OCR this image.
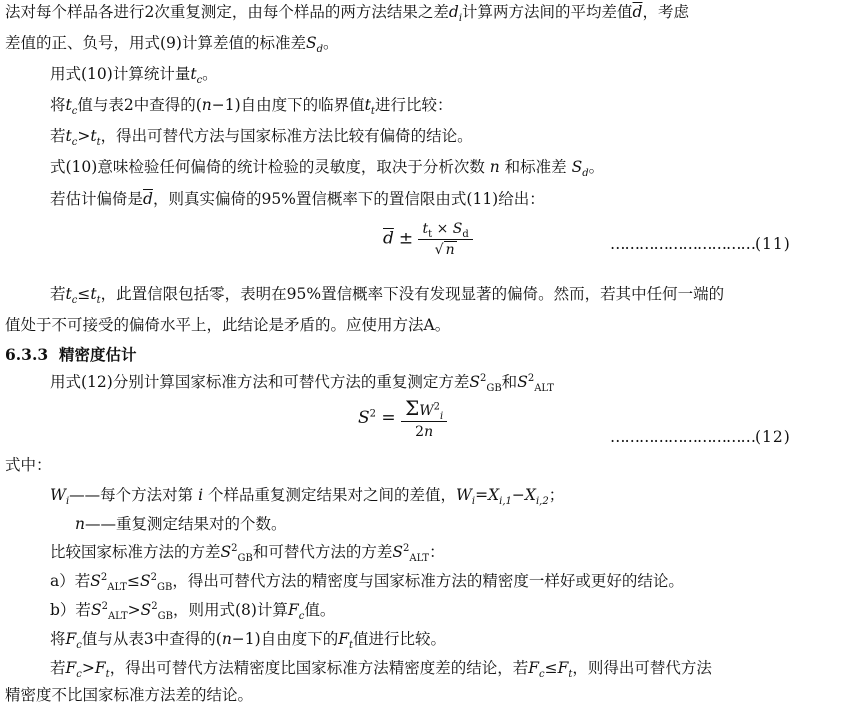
法对每个样品各进行2次重复测定，由每个样品的两方法结果之差$d_i$计算两方法间的平均差值$\overline{d}$，考虑
差值的正、负号，用式(9)计算差值的标准差$S_d$。
用式(10)计算统计量$t_c$。
将$t_c$值与表2中查得的(n−1)自由度下的临界值$t_t$进行比较：
若$t_c>t_t$，得出可替代方法与国家标准方法比较有偏倚的结论。
式(10)意味检验任何偏倚的统计检验的灵敏度，取决于分析次数 n 和标准差 $S_d$。
若估计偏倚是$\overline{d}$，则真实偏倚的95%置信概率下的置信限由式(11)给出：
$\overline{d} \pm \frac{t_t \times S_d}{√ n}$	…………………………(11)
若$t_c\le t_t$，此置信限包括零，表明在95%置信概率下没有发现显著的偏倚。然而，若其中任何一端的
值处于不可接受的偏倚水平上，此结论是矛盾的。应使用方法A。
6.3.3 精密度估计
用式(12)分别计算国家标准方法和可替代方法的重复测定方差$S^2_{GB}$和$S^2_{ALT}$
$S^2 = \frac{\Sigma W^2_i}{2n}$	…………………………(12)
式中：
$W_i——$每个方法对第 i 个样品重复测定结果对之间的差值，$W_i=X_{i,1}-X_{i,2}$；
n——重复测定结果对的个数。
比较国家标准方法的方差$S^2_{GB}$和可替代方法的方差$S^2_{ALT}$：
a）若$S^2_{ALT}\le S^2_{GB}$，得出可替代方法的精密度与国家标准方法的精密度一样好或更好的结论。
b）若$S^2_{ALT}>S^2_{GB}$，则用式(8)计算$F_c$值。
将$F_c$值与从表3中查得的(n−1)自由度下的$F_t$值进行比较。
若$F_c>F_t$，得出可替代方法精密度比国家标准方法精密度差的结论，若$F_c\le F_t$，则得出可替代方法
精密度不比国家标准方法差的结论。
